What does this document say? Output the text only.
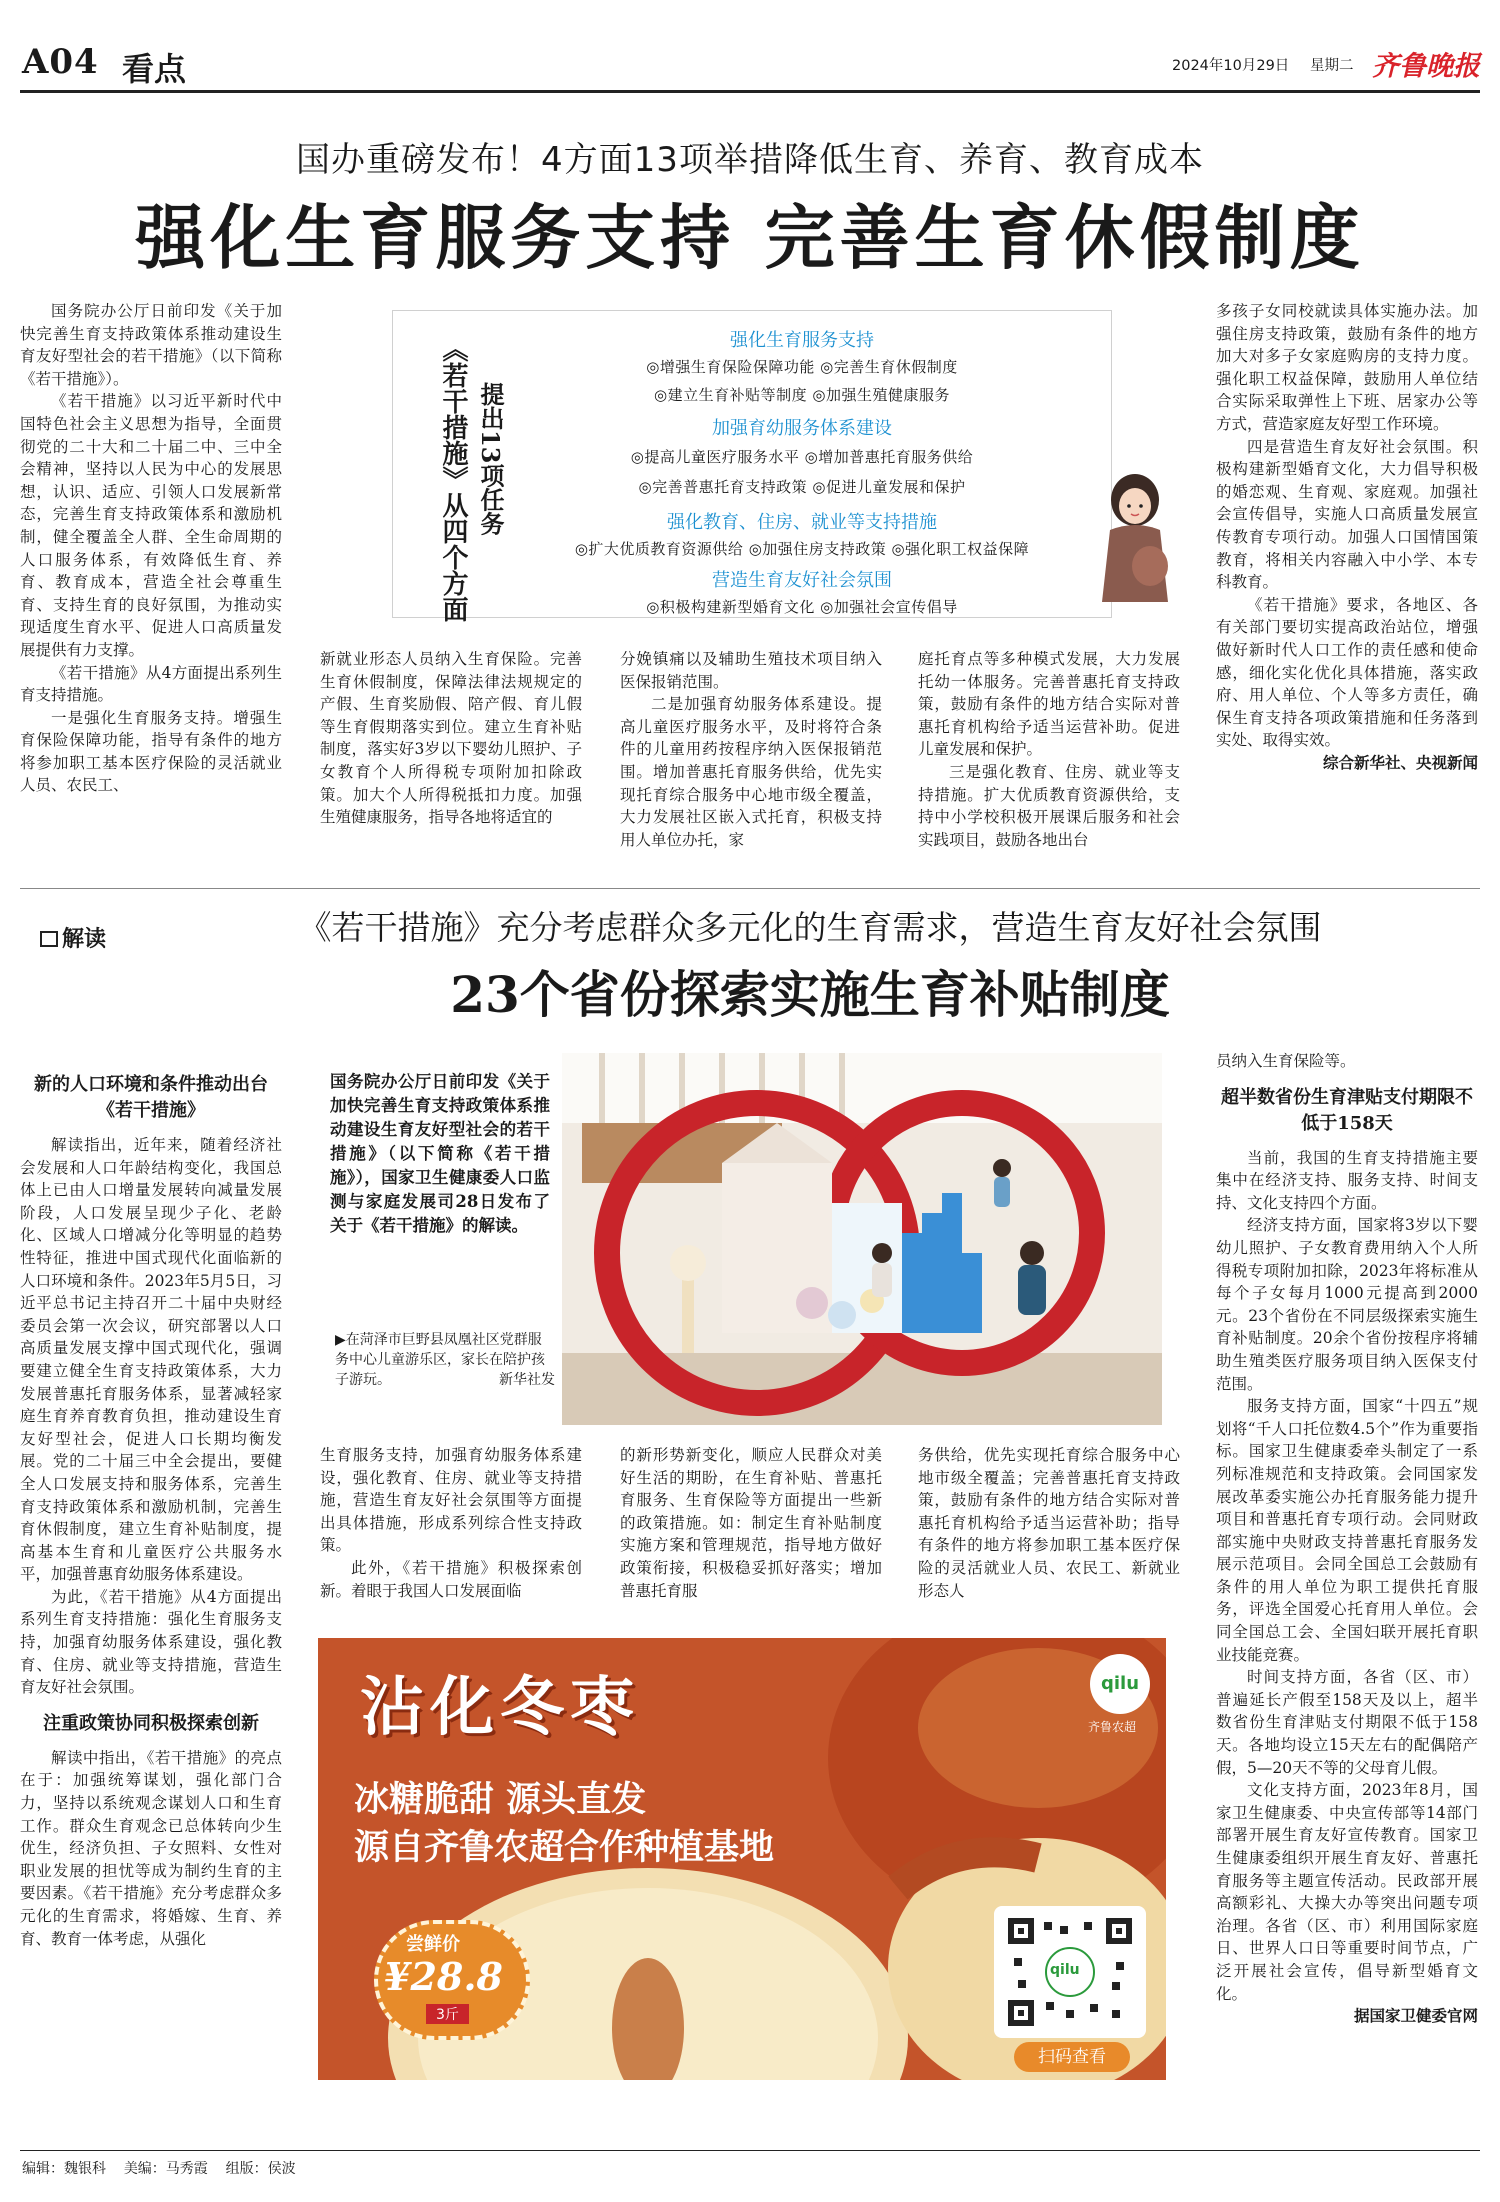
A04 看点	2024年10月29日 星期二 齐鲁晚报
国办重磅发布！4方面13项举措降低生育、养育、教育成本
强化生育服务支持 完善生育休假制度

国务院办公厅日前印发《关于加快完善生育支持政策体系推动建设生育友好型社会的若干措施》（以下简称《若干措施》）。

《若干措施》以习近平新时代中国特色社会主义思想为指导，全面贯彻党的二十大和二十届二中、三中全会精神，坚持以人民为中心的发展思想，认识、适应、引领人口发展新常态，完善生育支持政策体系和激励机制，健全覆盖全人群、全生命周期的人口服务体系，有效降低生育、养育、教育成本，营造全社会尊重生育、支持生育的良好氛围，为推动实现适度生育水平、促进人口高质量发展提供有力支撑。

《若干措施》从4方面提出系列生育支持措施。

一是强化生育服务支持。增强生育保险保障功能，指导有条件的地方将参加职工基本医疗保险的灵活就业人员、农民工、

《若干措施》从四个方面 提出13项任务
强化生育服务支持
◎增强生育保险保障功能 ◎完善生育休假制度
◎建立生育补贴等制度 ◎加强生殖健康服务
加强育幼服务体系建设
◎提高儿童医疗服务水平 ◎增加普惠托育服务供给
◎完善普惠托育支持政策 ◎促进儿童发展和保护
强化教育、住房、就业等支持措施
◎扩大优质教育资源供给 ◎加强住房支持政策 ◎强化职工权益保障
营造生育友好社会氛围
◎积极构建新型婚育文化 ◎加强社会宣传倡导

新就业形态人员纳入生育保险。完善生育休假制度，保障法律法规规定的产假、生育奖励假、陪产假、育儿假等生育假期落实到位。建立生育补贴制度，落实好3岁以下婴幼儿照护、子女教育个人所得税专项附加扣除政策。加大个人所得税抵扣力度。加强生殖健康服务，指导各地将适宜的

分娩镇痛以及辅助生殖技术项目纳入医保报销范围。

二是加强育幼服务体系建设。提高儿童医疗服务水平，及时将符合条件的儿童用药按程序纳入医保报销范围。增加普惠托育服务供给，优先实现托育综合服务中心地市级全覆盖，大力发展社区嵌入式托育，积极支持用人单位办托，家

庭托育点等多种模式发展，大力发展托幼一体服务。完善普惠托育支持政策，鼓励有条件的地方结合实际对普惠托育机构给予适当运营补助。促进儿童发展和保护。

三是强化教育、住房、就业等支持措施。扩大优质教育资源供给，支持中小学校积极开展课后服务和社会实践项目，鼓励各地出台

多孩子女同校就读具体实施办法。加强住房支持政策，鼓励有条件的地方加大对多子女家庭购房的支持力度。强化职工权益保障，鼓励用人单位结合实际采取弹性上下班、居家办公等方式，营造家庭友好型工作环境。

四是营造生育友好社会氛围。积极构建新型婚育文化，大力倡导积极的婚恋观、生育观、家庭观。加强社会宣传倡导，实施人口高质量发展宣传教育专项行动。加强人口国情国策教育，将相关内容融入中小学、本专科教育。

《若干措施》要求，各地区、各有关部门要切实提高政治站位，增强做好新时代人口工作的责任感和使命感，细化实化优化具体措施，落实政府、用人单位、个人等多方责任，确保生育支持各项政策措施和任务落到实处、取得实效。

综合新华社、央视新闻

解读	《若干措施》充分考虑群众多元化的生育需求，营造生育友好社会氛围
23个省份探索实施生育补贴制度

新的人口环境和条件推动出台《若干措施》

解读指出，近年来，随着经济社会发展和人口年龄结构变化，我国总体上已由人口增量发展转向减量发展阶段，人口发展呈现少子化、老龄化、区域人口增减分化等明显的趋势性特征，推进中国式现代化面临新的人口环境和条件。2023年5月5日，习近平总书记主持召开二十届中央财经委员会第一次会议，研究部署以人口高质量发展支撑中国式现代化，强调要建立健全生育支持政策体系，大力发展普惠托育服务体系，显著减轻家庭生育养育教育负担，推动建设生育友好型社会，促进人口长期均衡发展。党的二十届三中全会提出，要健全人口发展支持和服务体系，完善生育支持政策体系和激励机制，完善生育休假制度，建立生育补贴制度，提高基本生育和儿童医疗公共服务水平，加强普惠育幼服务体系建设。

为此，《若干措施》从4方面提出系列生育支持措施：强化生育服务支持，加强育幼服务体系建设，强化教育、住房、就业等支持措施，营造生育友好社会氛围。

注重政策协同积极探索创新

解读中指出，《若干措施》的亮点在于：加强统筹谋划，强化部门合力，坚持以系统观念谋划人口和生育工作。群众生育观念已总体转向少生优生，经济负担、子女照料、女性对职业发展的担忧等成为制约生育的主要因素。《若干措施》充分考虑群众多元化的生育需求，将婚嫁、生育、养育、教育一体考虑，从强化

国务院办公厅日前印发《关于加快完善生育支持政策体系推动建设生育友好型社会的若干措施》（以下简称《若干措施》），国家卫生健康委人口监测与家庭发展司28日发布了关于《若干措施》的解读。
▶在菏泽市巨野县凤凰社区党群服务中心儿童游乐区，家长在陪护孩子游玩。	新华社发

生育服务支持，加强育幼服务体系建设，强化教育、住房、就业等支持措施，营造生育友好社会氛围等方面提出具体措施，形成系列综合性支持政策。

此外，《若干措施》积极探索创新。着眼于我国人口发展面临

的新形势新变化，顺应人民群众对美好生活的期盼，在生育补贴、普惠托育服务、生育保险等方面提出一些新的政策措施。如：制定生育补贴制度实施方案和管理规范，指导地方做好政策衔接，积极稳妥抓好落实；增加普惠托育服

务供给，优先实现托育综合服务中心地市级全覆盖；完善普惠托育支持政策，鼓励有条件的地方结合实际对普惠托育机构给予适当运营补助；指导有条件的地方将参加职工基本医疗保险的灵活就业人员、农民工、新就业形态人

员纳入生育保险等。

超半数省份生育津贴支付期限不低于158天

当前，我国的生育支持措施主要集中在经济支持、服务支持、时间支持、文化支持四个方面。

经济支持方面，国家将3岁以下婴幼儿照护、子女教育费用纳入个人所得税专项附加扣除，2023年将标准从每个子女每月1000元提高到2000元。23个省份在不同层级探索实施生育补贴制度。20余个省份按程序将辅助生殖类医疗服务项目纳入医保支付范围。

服务支持方面，国家“十四五”规划将“千人口托位数4.5个”作为重要指标。国家卫生健康委牵头制定了一系列标准规范和支持政策。会同国家发展改革委实施公办托育服务能力提升项目和普惠托育专项行动。会同财政部实施中央财政支持普惠托育服务发展示范项目。会同全国总工会鼓励有条件的用人单位为职工提供托育服务，评选全国爱心托育用人单位。会同全国总工会、全国妇联开展托育职业技能竞赛。

时间支持方面，各省（区、市）普遍延长产假至158天及以上，超半数省份生育津贴支付期限不低于158天。各地均设立15天左右的配偶陪产假，5—20天不等的父母育儿假。

文化支持方面，2023年8月，国家卫生健康委、中央宣传部等14部门部署开展生育友好宣传教育。国家卫生健康委组织开展生育友好、普惠托育服务等主题宣传活动。民政部开展高额彩礼、大操大办等突出问题专项治理。各省（区、市）利用国际家庭日、世界人口日等重要时间节点，广泛开展社会宣传，倡导新型婚育文化。

据国家卫健委官网

沾化冬枣
冰糖脆甜 源头直发
源自齐鲁农超合作种植基地
qilu
齐鲁农超
尝鲜价
¥28.8
3斤
qilu
扫码查看
编辑：魏银科 美编：马秀霞 组版：侯波
